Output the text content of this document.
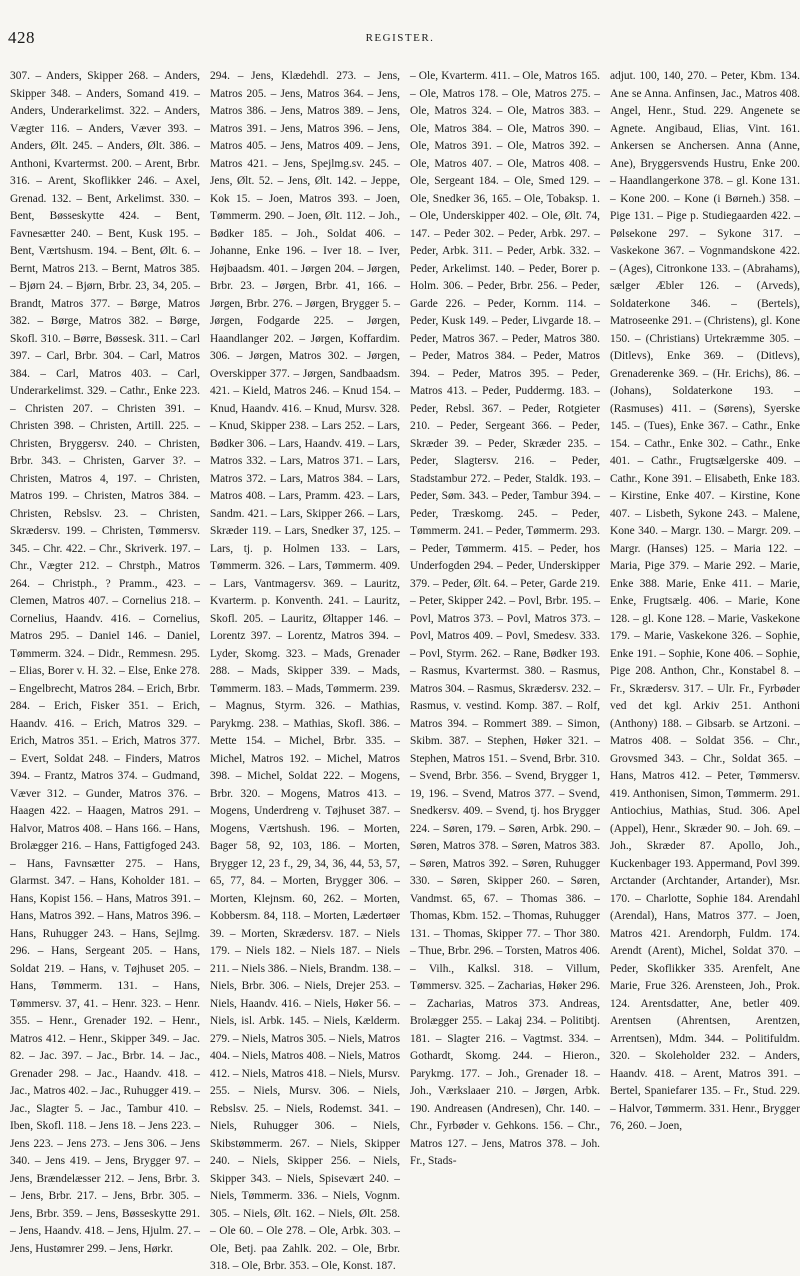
428	REGISTER.

307. – Anders, Skipper 268. – Anders, Skipper 348. – Anders, Somand 419. – Anders, Underarkelimst. 322. – Anders, Vægter 116. – Anders, Væver 393. – Anders, Ølt. 245. – Anders, Ølt. 386. – Anthoni, Kvartermst. 200. – Arent, Brbr. 316. – Arent, Skoflikker 246. – Axel, Grenad. 132. – Bent, Arkelimst. 330. – Bent, Bøsseskytte 424. – Bent, Favnesætter 240. – Bent, Kusk 195. – Bent, Værtshusm. 194. – Bent, Ølt. 6. – Bernt, Matros 213. – Bernt, Matros 385. – Bjørn 24. – Bjørn, Brbr. 23, 34, 205. – Brandt, Matros 377. – Børge, Matros 382. – Børge, Matros 382. – Børge, Skofl. 310. – Børre, Bøssesk. 311. – Carl 397. – Carl, Brbr. 304. – Carl, Matros 384. – Carl, Matros 403. – Carl, Underarkelimst. 329. – Cathr., Enke 223. – Christen 207. – Christen 391. – Christen 398. – Christen, Artill. 225. – Christen, Bryggersv. 240. – Christen, Brbr. 343. – Christen, Garver 3?. – Christen, Matros 4, 197. – Christen, Matros 199. – Christen, Matros 384. – Christen, Rebslsv. 23. – Christen, Skrædersv. 199. – Christen, Tømmersv. 345. – Chr. 422. – Chr., Skriverk. 197. – Chr., Vægter 212. – Chrstph., Matros 264. – Christph., ? Pramm., 423. – Clemen, Matros 407. – Cornelius 218. – Cornelius, Haandv. 416. – Cornelius, Matros 295. – Daniel 146. – Daniel, Tømmerm. 324. – Didr., Remmesn. 295. – Elias, Borer v. H. 32. – Else, Enke 278. – Engelbrecht, Matros 284. – Erich, Brbr. 284. – Erich, Fisker 351. – Erich, Haandv. 416. – Erich, Matros 329. – Erich, Matros 351. – Erich, Matros 377. – Evert, Soldat 248. – Finders, Matros 394. – Frantz, Matros 374. – Gudmand, Væver 312. – Gunder, Matros 376. – Haagen 422. – Haagen, Matros 291. – Halvor, Matros 408. – Hans 166. – Hans, Brolægger 216. – Hans, Fattigfoged 243. – Hans, Favnsætter 275. – Hans, Glarmst. 347. – Hans, Koholder 181. – Hans, Kopist 156. – Hans, Matros 391. – Hans, Matros 392. – Hans, Matros 396. – Hans, Ruhugger 243. – Hans, Sejlmg. 296. – Hans, Sergeant 205. – Hans, Soldat 219. – Hans, v. Tøjhuset 205. – Hans, Tømmerm. 131. – Hans, Tømmersv. 37, 41. – Henr. 323. – Henr. 355. – Henr., Grenader 192. – Henr., Matros 412. – Henr., Skipper 349. – Jac. 82. – Jac. 397. – Jac., Brbr. 14. – Jac., Grenader 298. – Jac., Haandv. 418. – Jac., Matros 402. – Jac., Ruhugger 419. – Jac., Slagter 5. – Jac., Tambur 410. – Iben, Skofl. 118. – Jens 18. – Jens 223. – Jens 223. – Jens 273. – Jens 306. – Jens 340. – Jens 419. – Jens, Brygger 97. – Jens, Brændelæsser 212. – Jens, Brbr. 3. – Jens, Brbr. 217. – Jens, Brbr. 305. – Jens, Brbr. 359. – Jens, Bøsseskytte 291. – Jens, Haandv. 418. – Jens, Hjulm. 27. – Jens, Hustømrer 299. – Jens, Hørkr.

294. – Jens, Klædehdl. 273. – Jens, Matros 205. – Jens, Matros 364. – Jens, Matros 386. – Jens, Matros 389. – Jens, Matros 391. – Jens, Matros 396. – Jens, Matros 405. – Jens, Matros 409. – Jens, Matros 421. – Jens, Spejlmg.sv. 245. – Jens, Ølt. 52. – Jens, Ølt. 142. – Jeppe, Kok 15. – Joen, Matros 393. – Joen, Tømmerm. 290. – Joen, Ølt. 112. – Joh., Bødker 185. – Joh., Soldat 406. – Johanne, Enke 196. – Iver 18. – Iver, Højbaadsm. 401. – Jørgen 204. – Jørgen, Brbr. 23. – Jørgen, Brbr. 41, 166. – Jørgen, Brbr. 276. – Jørgen, Brygger 5. – Jørgen, Fodgarde 225. – Jørgen, Haandlanger 202. – Jørgen, Koffardim. 306. – Jørgen, Matros 302. – Jørgen, Overskipper 377. – Jørgen, Sandbaadsm. 421. – Kield, Matros 246. – Knud 154. – Knud, Haandv. 416. – Knud, Mursv. 328. – Knud, Skipper 238. – Lars 252. – Lars, Bødker 306. – Lars, Haandv. 419. – Lars, Matros 332. – Lars, Matros 371. – Lars, Matros 372. – Lars, Matros 384. – Lars, Matros 408. – Lars, Pramm. 423. – Lars, Sandm. 421. – Lars, Skipper 266. – Lars, Skræder 119. – Lars, Snedker 37, 125. – Lars, tj. p. Holmen 133. – Lars, Tømmerm. 326. – Lars, Tømmerm. 409. – Lars, Vantmagersv. 369. – Lauritz, Kvarterm. p. Konventh. 241. – Lauritz, Skofl. 205. – Lauritz, Øltapper 146. – Lorentz 397. – Lorentz, Matros 394. – Lyder, Skomg. 323. – Mads, Grenader 288. – Mads, Skipper 339. – Mads, Tømmerm. 183. – Mads, Tømmerm. 239. – Magnus, Styrm. 326. – Mathias, Parykmg. 238. – Mathias, Skofl. 386. – Mette 154. – Michel, Brbr. 335. – Michel, Matros 192. – Michel, Matros 398. – Michel, Soldat 222. – Mogens, Brbr. 320. – Mogens, Matros 413. – Mogens, Underdreng v. Tøjhuset 387. – Mogens, Værtshush. 196. – Morten, Bager 58, 92, 103, 186. – Morten, Brygger 12, 23 f., 29, 34, 36, 44, 53, 57, 65, 77, 84. – Morten, Brygger 306. – Morten, Klejnsm. 60, 262. – Morten, Kobbersm. 84, 118. – Morten, Lædertøer 39. – Morten, Skrædersv. 187. – Niels 179. – Niels 182. – Niels 187. – Niels 211. – Niels 386. – Niels, Brandm. 138. – Niels, Brbr. 306. – Niels, Drejer 253. – Niels, Haandv. 416. – Niels, Høker 56. – Niels, isl. Arbk. 145. – Niels, Kælderm. 279. – Niels, Matros 305. – Niels, Matros 404. – Niels, Matros 408. – Niels, Matros 412. – Niels, Matros 418. – Niels, Mursv. 255. – Niels, Mursv. 306. – Niels, Rebslsv. 25. – Niels, Rodemst. 341. – Niels, Ruhugger 306. – Niels, Skibstømmerm. 267. – Niels, Skipper 240. – Niels, Skipper 256. – Niels, Skipper 343. – Niels, Spisevært 240. – Niels, Tømmerm. 336. – Niels, Vognm. 305. – Niels, Ølt. 162. – Niels, Ølt. 258. – Ole 60. – Ole 278. – Ole, Arbk. 303. – Ole, Betj. paa Zahlk. 202. – Ole, Brbr. 318. – Ole, Brbr. 353. – Ole, Konst. 187.

– Ole, Kvarterm. 411. – Ole, Matros 165. – Ole, Matros 178. – Ole, Matros 275. – Ole, Matros 324. – Ole, Matros 383. – Ole, Matros 384. – Ole, Matros 390. – Ole, Matros 391. – Ole, Matros 392. – Ole, Matros 407. – Ole, Matros 408. – Ole, Sergeant 184. – Ole, Smed 129. – Ole, Snedker 36, 165. – Ole, Tobaksp. 1. – Ole, Underskipper 402. – Ole, Ølt. 74, 147. – Peder 302. – Peder, Arbk. 297. – Peder, Arbk. 311. – Peder, Arbk. 332. – Peder, Arkelimst. 140. – Peder, Borer p. Holm. 306. – Peder, Brbr. 256. – Peder, Garde 226. – Peder, Kornm. 114. – Peder, Kusk 149. – Peder, Livgarde 18. – Peder, Matros 367. – Peder, Matros 380. – Peder, Matros 384. – Peder, Matros 394. – Peder, Matros 395. – Peder, Matros 413. – Peder, Puddermg. 183. – Peder, Rebsl. 367. – Peder, Rotgieter 210. – Peder, Sergeant 366. – Peder, Skræder 39. – Peder, Skræder 235. – Peder, Slagtersv. 216. – Peder, Stadstambur 272. – Peder, Staldk. 193. – Peder, Søm. 343. – Peder, Tambur 394. – Peder, Træskomg. 245. – Peder, Tømmerm. 241. – Peder, Tømmerm. 293. – Peder, Tømmerm. 415. – Peder, hos Underfogden 294. – Peder, Underskipper 379. – Peder, Ølt. 64. – Peter, Garde 219. – Peter, Skipper 242. – Povl, Brbr. 195. – Povl, Matros 373. – Povl, Matros 373. – Povl, Matros 409. – Povl, Smedesv. 333. – Povl, Styrm. 262. – Rane, Bødker 193. – Rasmus, Kvartermst. 380. – Rasmus, Matros 304. – Rasmus, Skrædersv. 232. – Rasmus, v. vestind. Komp. 387. – Rolf, Matros 394. – Rommert 389. – Simon, Skibm. 387. – Stephen, Høker 321. – Stephen, Matros 151. – Svend, Brbr. 310. – Svend, Brbr. 356. – Svend, Brygger 1, 19, 196. – Svend, Matros 377. – Svend, Snedkersv. 409. – Svend, tj. hos Brygger 224. – Søren, 179. – Søren, Arbk. 290. – Søren, Matros 378. – Søren, Matros 383. – Søren, Matros 392. – Søren, Ruhugger 330. – Søren, Skipper 260. – Søren, Vandmst. 65, 67. – Thomas 386. – Thomas, Kbm. 152. – Thomas, Ruhugger 131. – Thomas, Skipper 77. – Thor 380. – Thue, Brbr. 296. – Torsten, Matros 406. – Vilh., Kalksl. 318. – Villum, Tømmersv. 325. – Zacharias, Høker 296. – Zacharias, Matros 373. Andreas, Brolægger 255. – Lakaj 234. – Politibtj. 181. – Slagter 216. – Vagtmst. 334. – Gothardt, Skomg. 244. – Hieron., Parykmg. 177. – Joh., Grenader 18. – Joh., Værkslaaer 210. – Jørgen, Arbk. 190. Andreasen (Andresen), Chr. 140. – Chr., Fyrbøder v. Gehkons. 156. – Chr., Matros 127. – Jens, Matros 378. – Joh. Fr., Stads-

adjut. 100, 140, 270. – Peter, Kbm. 134. Ane se Anna. Anfinsen, Jac., Matros 408. Angel, Henr., Stud. 229. Angenete se Agnete. Angibaud, Elias, Vint. 161. Ankersen se Anchersen. Anna (Anne, Ane), Bryggersvends Hustru, Enke 200. – Haandlangerkone 378. – gl. Kone 131. – Kone 200. – Kone (i Børneh.) 358. – Pige 131. – Pige p. Studiegaarden 422. – Pølsekone 297. – Sykone 317. – Vaskekone 367. – Vognmandskone 422. – (Ages), Citronkone 133. – (Abrahams), sælger Æbler 126. – (Arveds), Soldaterkone 346. – (Bertels), Matroseenke 291. – (Christens), gl. Kone 150. – (Christians) Urtekræmme 305. – (Ditlevs), Enke 369. – (Ditlevs), Grenaderenke 369. – (Hr. Erichs), 86. – (Johans), Soldaterkone 193. – (Rasmuses) 411. – (Sørens), Syerske 145. – (Tues), Enke 367. – Cathr., Enke 154. – Cathr., Enke 302. – Cathr., Enke 401. – Cathr., Frugtsælgerske 409. – Cathr., Kone 391. – Elisabeth, Enke 183. – Kirstine, Enke 407. – Kirstine, Kone 407. – Lisbeth, Sykone 243. – Malene, Kone 340. – Margr. 130. – Margr. 209. – Margr. (Hanses) 125. – Maria 122. – Maria, Pige 379. – Marie 292. – Marie, Enke 388. Marie, Enke 411. – Marie, Enke, Frugtsælg. 406. – Marie, Kone 128. – gl. Kone 128. – Marie, Vaskekone 179. – Marie, Vaskekone 326. – Sophie, Enke 191. – Sophie, Kone 406. – Sophie, Pige 208. Anthon, Chr., Konstabel 8. – Fr., Skrædersv. 317. – Ulr. Fr., Fyrbøder ved det kgl. Arkiv 251. Anthoni (Anthony) 188. – Gibsarb. se Artzoni. – Matros 408. – Soldat 356. – Chr., Grovsmed 343. – Chr., Soldat 365. – Hans, Matros 412. – Peter, Tømmersv. 419. Anthonisen, Simon, Tømmerm. 291. Antiochius, Mathias, Stud. 306. Apel (Appel), Henr., Skræder 90. – Joh. 69. – Joh., Skræder 87. Apollo, Joh., Kuckenbager 193. Appermand, Povl 399. Arctander (Archtander, Artander), Msr. 170. – Charlotte, Sophie 184. Arendahl (Arendal), Hans, Matros 377. – Joen, Matros 421. Arendorph, Fuldm. 174. Arendt (Arent), Michel, Soldat 370. – Peder, Skoflikker 335. Arenfelt, Ane Marie, Frue 326. Arensteen, Joh., Prok. 124. Arentsdatter, Ane, betler 409. Arentsen (Ahrentsen, Arentzen, Arrentsen), Mdm. 344. – Politifuldm. 320. – Skoleholder 232. – Anders, Haandv. 418. – Arent, Matros 391. – Bertel, Spaniefarer 135. – Fr., Stud. 229. – Halvor, Tømmerm. 331. Henr., Brygger 76, 260. – Joen,
